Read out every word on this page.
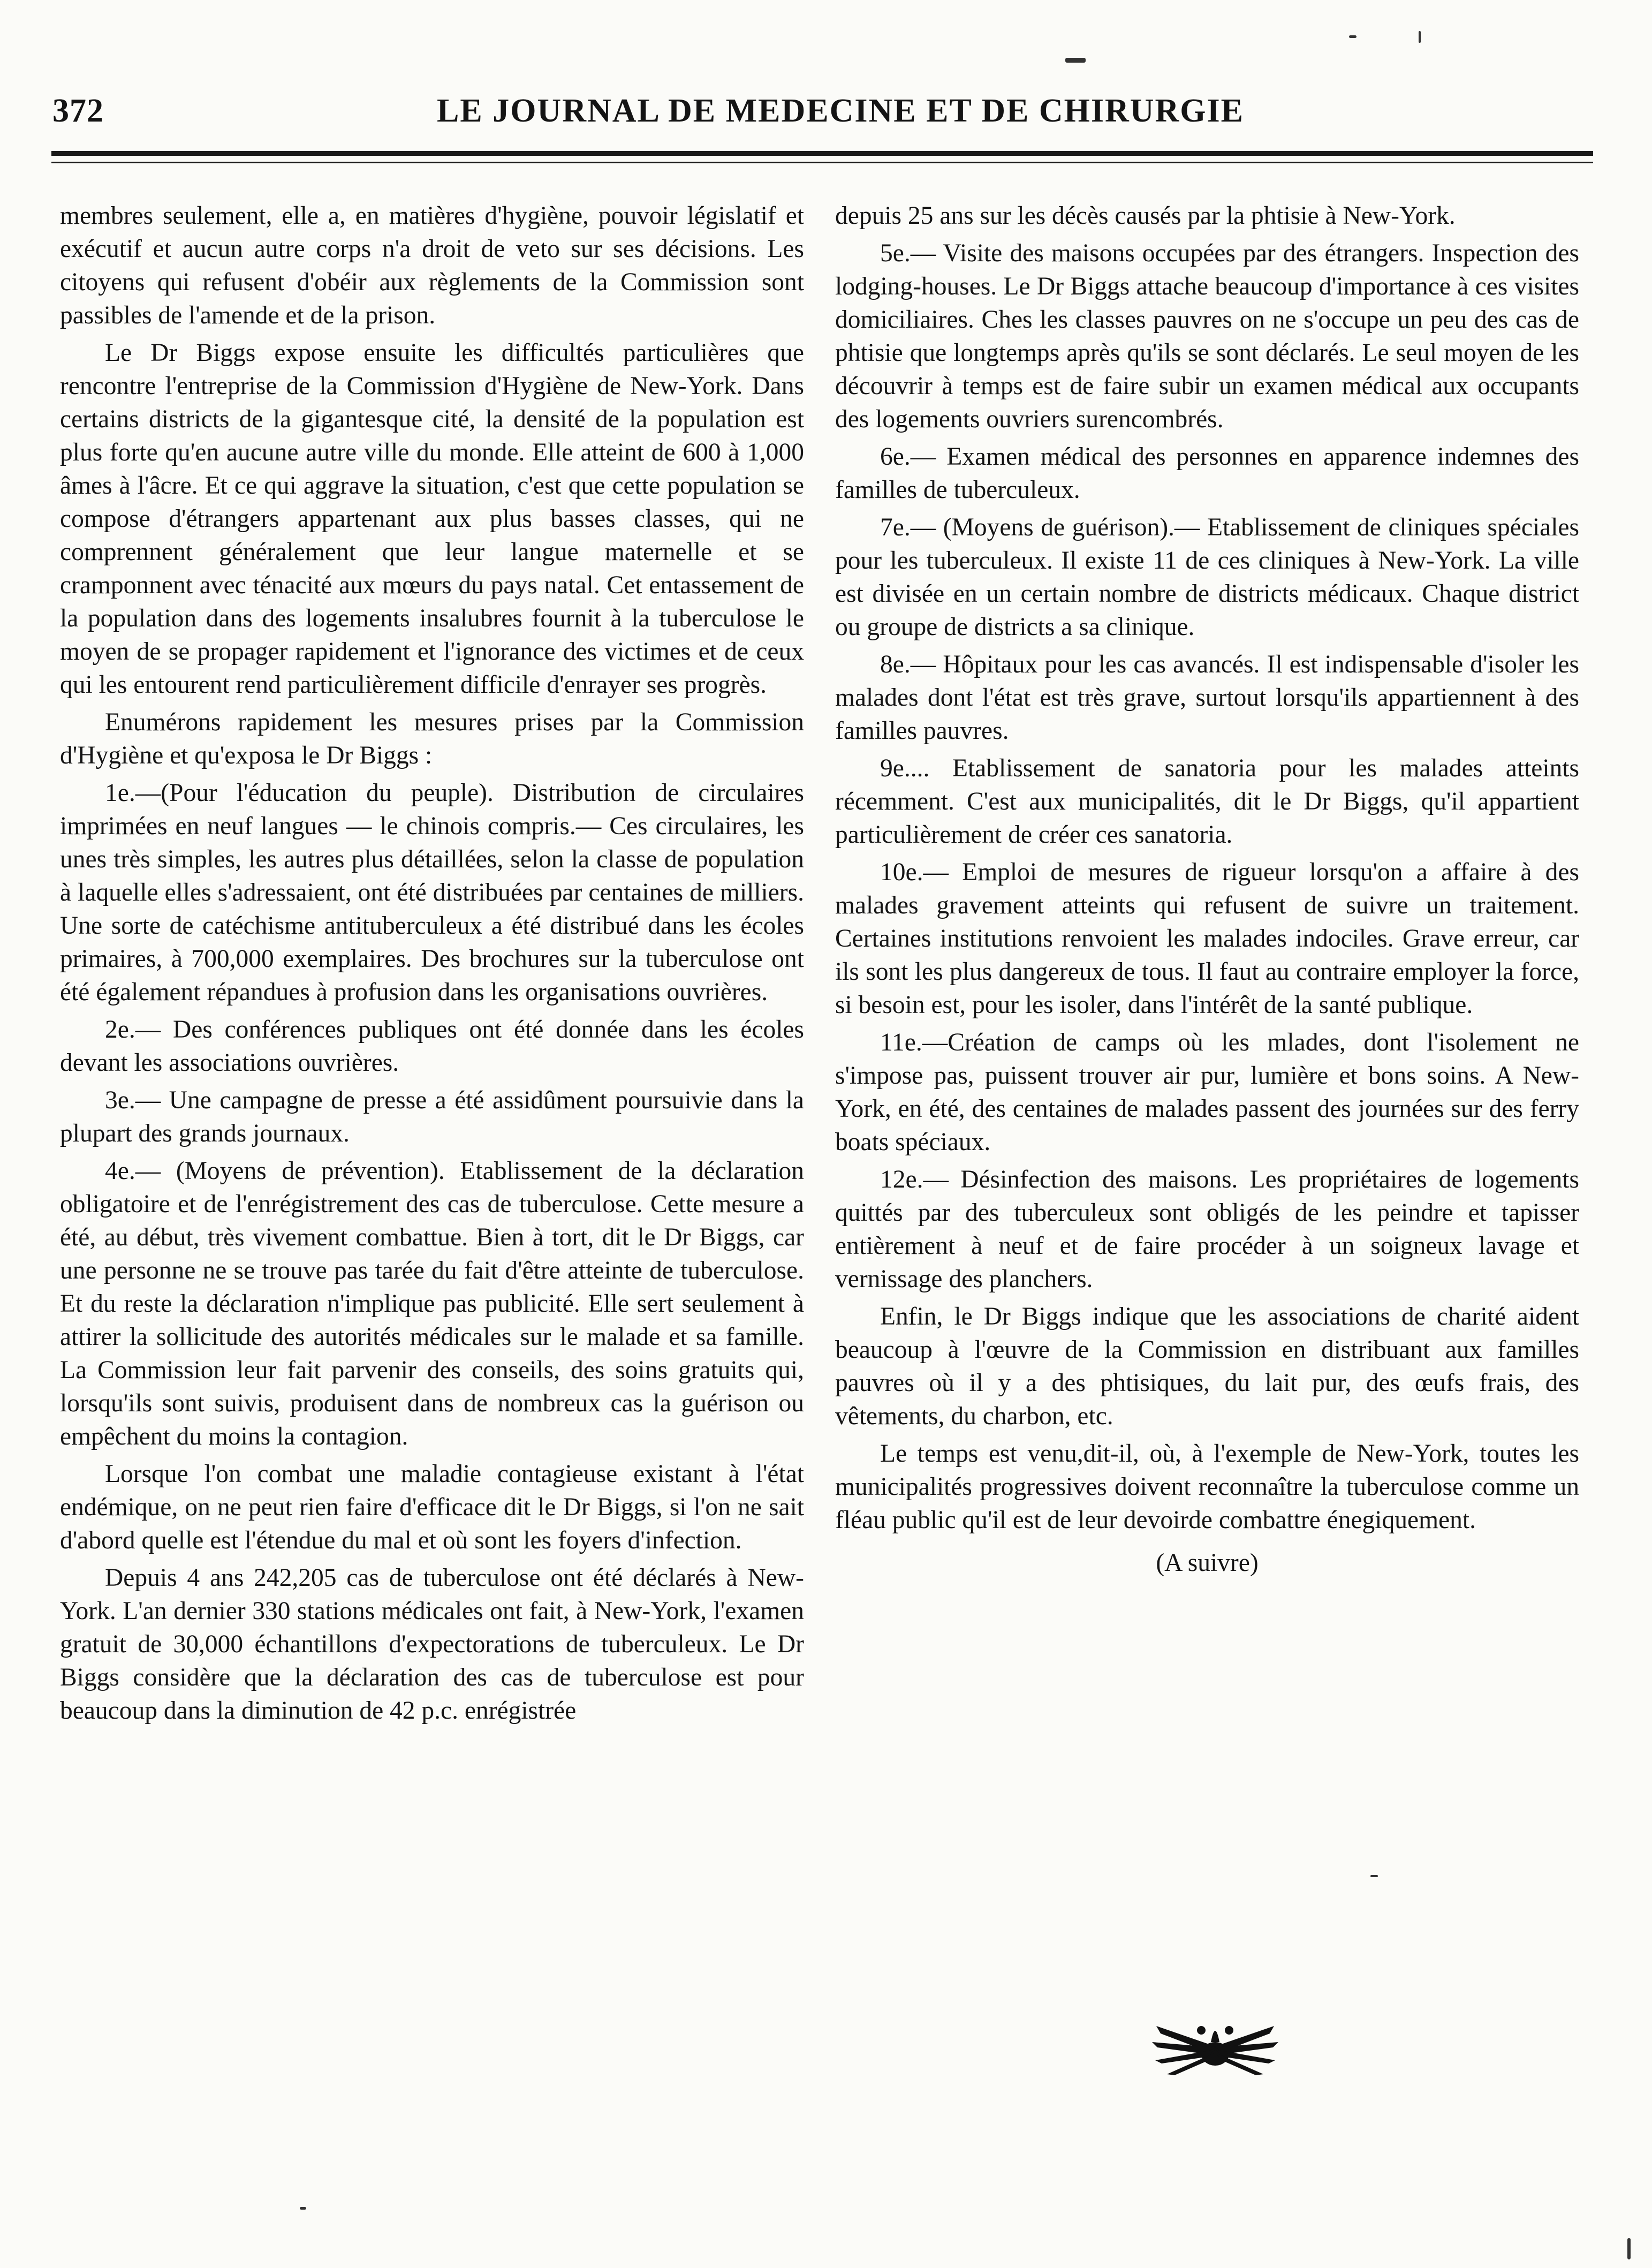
372	LE JOURNAL DE MEDECINE ET DE CHIRURGIE

membres seulement, elle a, en matières d'hygiène, pouvoir législatif et exécutif et aucun autre corps n'a droit de veto sur ses décisions. Les citoyens qui refusent d'obéir aux règlements de la Commission sont passibles de l'amende et de la prison.

Le Dr Biggs expose ensuite les difficultés particulières que rencontre l'entreprise de la Commission d'Hygiène de New-York. Dans certains districts de la gigantesque cité, la densité de la population est plus forte qu'en aucune autre ville du monde. Elle atteint de 600 à 1,000 âmes à l'âcre. Et ce qui aggrave la situation, c'est que cette population se compose d'étrangers appartenant aux plus basses classes, qui ne comprennent généralement que leur langue maternelle et se cramponnent avec ténacité aux mœurs du pays natal. Cet entassement de la population dans des logements insalubres fournit à la tuberculose le moyen de se propager rapidement et l'ignorance des victimes et de ceux qui les entourent rend particulièrement difficile d'enrayer ses progrès.

Enumérons rapidement les mesures prises par la Commission d'Hygiène et qu'exposa le Dr Biggs :

1e.—(Pour l'éducation du peuple). Distribution de circulaires imprimées en neuf langues — le chinois compris.— Ces circulaires, les unes très simples, les autres plus détaillées, selon la classe de population à laquelle elles s'adressaient, ont été distribuées par centaines de milliers. Une sorte de catéchisme antituberculeux a été distribué dans les écoles primaires, à 700,000 exemplaires. Des brochures sur la tuberculose ont été également répandues à profusion dans les organisations ouvrières.

2e.— Des conférences publiques ont été donnée dans les écoles devant les associations ouvrières.

3e.— Une campagne de presse a été assidûment poursuivie dans la plupart des grands journaux.

4e.— (Moyens de prévention). Etablissement de la déclaration obligatoire et de l'enrégistrement des cas de tuberculose. Cette mesure a été, au début, très vivement combattue. Bien à tort, dit le Dr Biggs, car une personne ne se trouve pas tarée du fait d'être atteinte de tuberculose. Et du reste la déclaration n'implique pas publicité. Elle sert seulement à attirer la sollicitude des autorités médicales sur le malade et sa famille. La Commission leur fait parvenir des conseils, des soins gratuits qui, lorsqu'ils sont suivis, produisent dans de nombreux cas la guérison ou empêchent du moins la contagion.

Lorsque l'on combat une maladie contagieuse existant à l'état endémique, on ne peut rien faire d'efficace dit le Dr Biggs, si l'on ne sait d'abord quelle est l'étendue du mal et où sont les foyers d'infection.

Depuis 4 ans 242,205 cas de tuberculose ont été déclarés à New-York. L'an dernier 330 stations médicales ont fait, à New-York, l'examen gratuit de 30,000 échantillons d'expectorations de tuberculeux. Le Dr Biggs considère que la déclaration des cas de tuberculose est pour beaucoup dans la diminution de 42 p.c. enrégistrée

depuis 25 ans sur les décès causés par la phtisie à New-York.

5e.— Visite des maisons occupées par des étrangers. Inspection des lodging-houses. Le Dr Biggs attache beaucoup d'importance à ces visites domiciliaires. Ches les classes pauvres on ne s'occupe un peu des cas de phtisie que longtemps après qu'ils se sont déclarés. Le seul moyen de les découvrir à temps est de faire subir un examen médical aux occupants des logements ouvriers surencombrés.

6e.— Examen médical des personnes en apparence indemnes des familles de tuberculeux.

7e.— (Moyens de guérison).— Etablissement de cliniques spéciales pour les tuberculeux. Il existe 11 de ces cliniques à New-York. La ville est divisée en un certain nombre de districts médicaux. Chaque district ou groupe de districts a sa clinique.

8e.— Hôpitaux pour les cas avancés. Il est indispensable d'isoler les malades dont l'état est très grave, surtout lorsqu'ils appartiennent à des familles pauvres.

9e.... Etablissement de sanatoria pour les malades atteints récemment. C'est aux municipalités, dit le Dr Biggs, qu'il appartient particulièrement de créer ces sanatoria.

10e.— Emploi de mesures de rigueur lorsqu'on a affaire à des malades gravement atteints qui refusent de suivre un traitement. Certaines institutions renvoient les malades indociles. Grave erreur, car ils sont les plus dangereux de tous. Il faut au contraire employer la force, si besoin est, pour les isoler, dans l'intérêt de la santé publique.

11e.—Création de camps où les mlades, dont l'isolement ne s'impose pas, puissent trouver air pur, lumière et bons soins. A New-York, en été, des centaines de malades passent des journées sur des ferry boats spéciaux.

12e.— Désinfection des maisons. Les propriétaires de logements quittés par des tuberculeux sont obligés de les peindre et tapisser entièrement à neuf et de faire procéder à un soigneux lavage et vernissage des planchers.

Enfin, le Dr Biggs indique que les associations de charité aident beaucoup à l'œuvre de la Commission en distribuant aux familles pauvres où il y a des phtisiques, du lait pur, des œufs frais, des vêtements, du charbon, etc.

Le temps est venu,dit-il, où, à l'exemple de New-York, toutes les municipalités progressives doivent reconnaître la tuberculose comme un fléau public qu'il est de leur devoirde combattre énegiquement.

(A suivre)
